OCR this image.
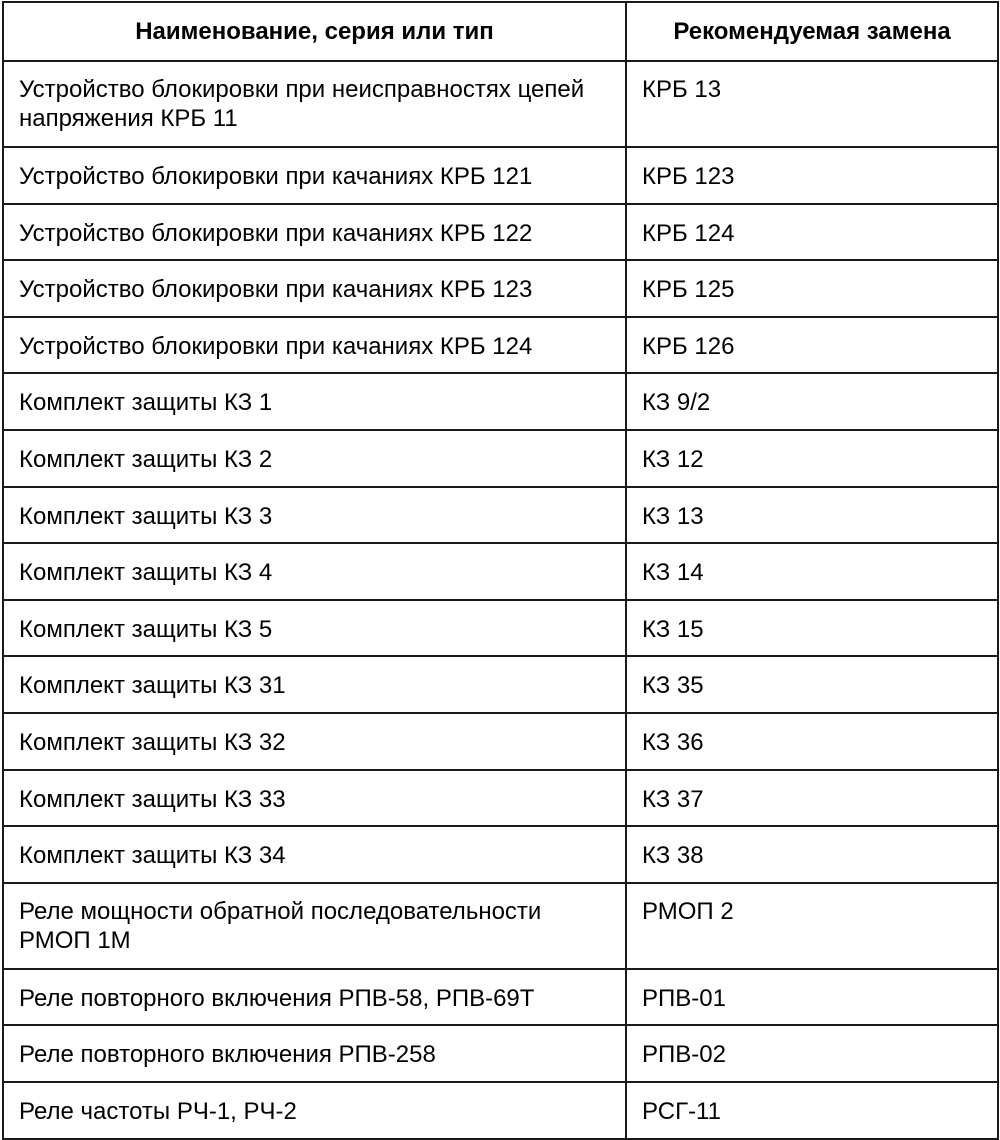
Наименование, серия или тип	Рекомендуемая замена
Устройство блокировки при неисправностях цепей напряжения КРБ 11	КРБ 13
Устройство блокировки при качаниях КРБ 121	КРБ 123
Устройство блокировки при качаниях КРБ 122	КРБ 124
Устройство блокировки при качаниях КРБ 123	КРБ 125
Устройство блокировки при качаниях КРБ 124	КРБ 126
Комплект защиты КЗ 1	КЗ 9/2
Комплект защиты КЗ 2	КЗ 12
Комплект защиты КЗ 3	КЗ 13
Комплект защиты КЗ 4	КЗ 14
Комплект защиты КЗ 5	КЗ 15
Комплект защиты КЗ 31	КЗ 35
Комплект защиты КЗ 32	КЗ 36
Комплект защиты КЗ 33	КЗ 37
Комплект защиты КЗ 34	КЗ 38
Реле мощности обратной последовательности РМОП 1М	РМОП 2
Реле повторного включения РПВ-58, РПВ-69Т	РПВ-01
Реле повторного включения РПВ-258	РПВ-02
Реле частоты РЧ-1, РЧ-2	РСГ-11
